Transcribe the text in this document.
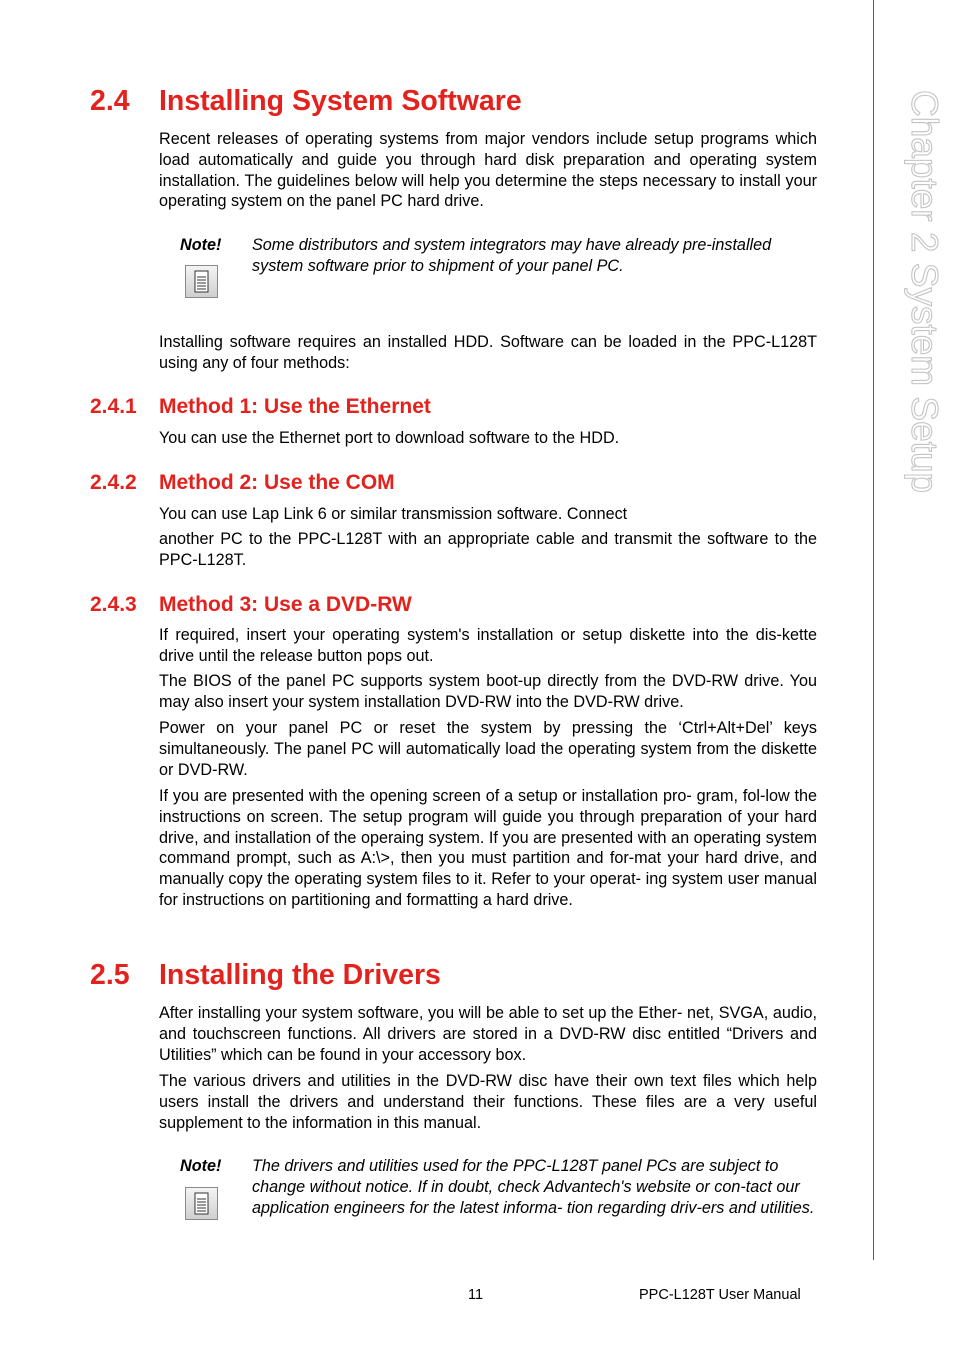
Chapter 2 System Setup
2.4 Installing System Software

Recent releases of operating systems from major vendors include setup programs which load automatically and guide you through hard disk preparation and operating system installation. The guidelines below will help you determine the steps necessary to install your operating system on the panel PC hard drive.

Note! Some distributors and system integrators may have already pre-installed system software prior to shipment of your panel PC.

Installing software requires an installed HDD. Software can be loaded in the PPC-L128T using any of four methods:

2.4.1 Method 1: Use the Ethernet

You can use the Ethernet port to download software to the HDD.

2.4.2 Method 2: Use the COM

You can use Lap Link 6 or similar transmission software. Connect

another PC to the PPC-L128T with an appropriate cable and transmit the software to the PPC-L128T.

2.4.3 Method 3: Use a DVD-RW

If required, insert your operating system's installation or setup diskette into the dis-kette drive until the release button pops out.

The BIOS of the panel PC supports system boot-up directly from the DVD-RW drive. You may also insert your system installation DVD-RW into the DVD-RW drive.

Power on your panel PC or reset the system by pressing the ‘Ctrl+Alt+Del’ keys simultaneously. The panel PC will automatically load the operating system from the diskette or DVD-RW.

If you are presented with the opening screen of a setup or installation pro- gram, fol-low the instructions on screen. The setup program will guide you through preparation of your hard drive, and installation of the operaing system. If you are presented with an operating system command prompt, such as A:\>, then you must partition and for-mat your hard drive, and manually copy the operating system files to it. Refer to your operat- ing system user manual for instructions on partitioning and formatting a hard drive.

2.5 Installing the Drivers

After installing your system software, you will be able to set up the Ether- net, SVGA, audio, and touchscreen functions. All drivers are stored in a DVD-RW disc entitled “Drivers and Utilities” which can be found in your accessory box.

The various drivers and utilities in the DVD-RW disc have their own text files which help users install the drivers and understand their functions. These files are a very useful supplement to the information in this manual.

Note! The drivers and utilities used for the PPC-L128T panel PCs are subject to change without notice. If in doubt, check Advantech's website or con-tact our application engineers for the latest informa- tion regarding driv-ers and utilities.

11	PPC-L128T User Manual
